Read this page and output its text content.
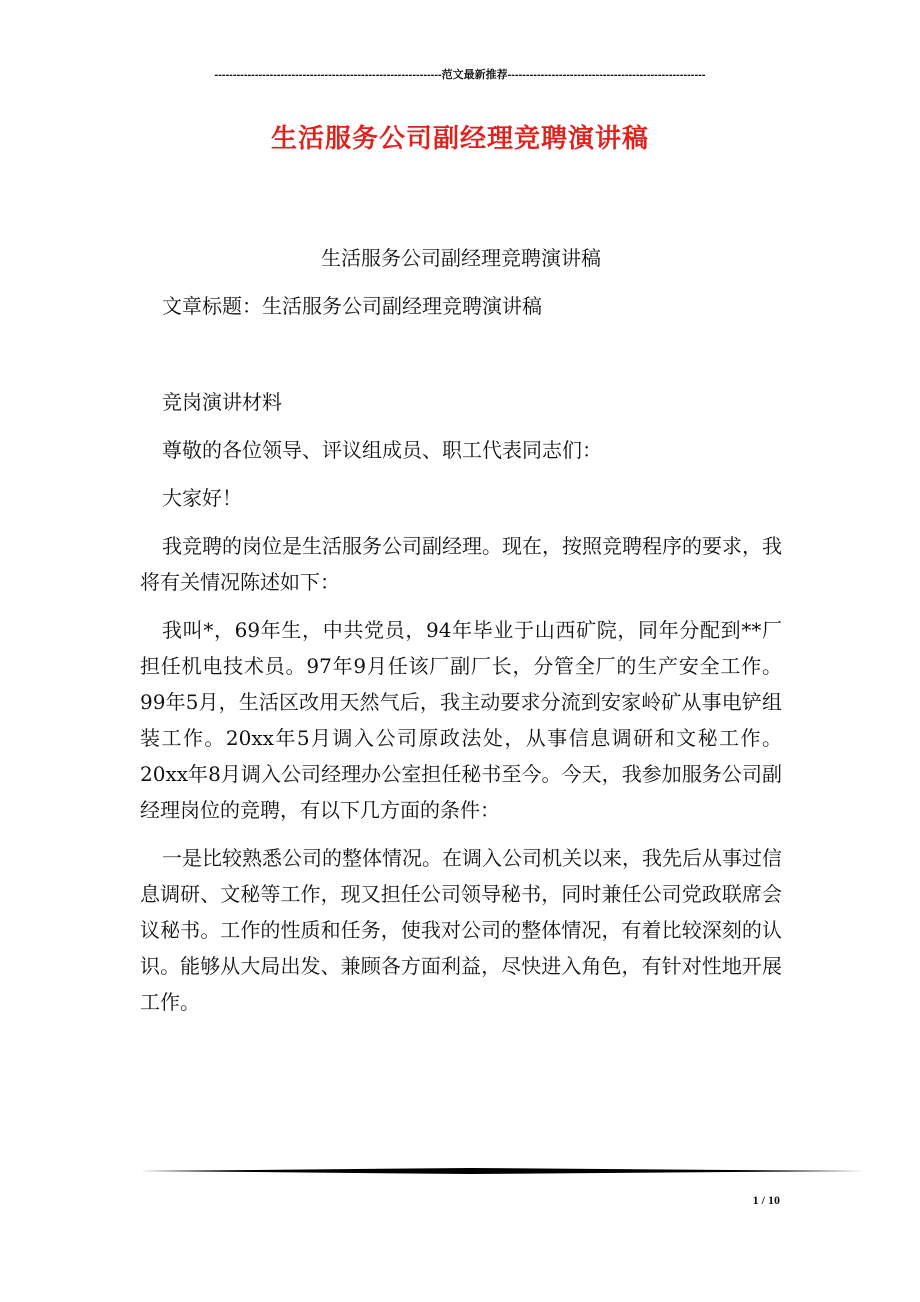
--------------------------------------------------------------范文最新推荐------------------------------------------------------
生活服务公司副经理竞聘演讲稿
生活服务公司副经理竞聘演讲稿
文章标题：生活服务公司副经理竞聘演讲稿
竞岗演讲材料
尊敬的各位领导、评议组成员、职工代表同志们：
大家好！
我竞聘的岗位是生活服务公司副经理。现在，按照竞聘程序的要求，我将有关情况陈述如下：
我叫*，69年生，中共党员，94年毕业于山西矿院，同年分配到**厂担任机电技术员。97年9月任该厂副厂长，分管全厂的生产安全工作。99年5月，生活区改用天然气后，我主动要求分流到安家岭矿从事电铲组装工作。20xx年5月调入公司原政法处，从事信息调研和文秘工作。20xx年8月调入公司经理办公室担任秘书至今。今天，我参加服务公司副经理岗位的竞聘，有以下几方面的条件：
一是比较熟悉公司的整体情况。在调入公司机关以来，我先后从事过信息调研、文秘等工作，现又担任公司领导秘书，同时兼任公司党政联席会议秘书。工作的性质和任务，使我对公司的整体情况，有着比较深刻的认识。能够从大局出发、兼顾各方面利益，尽快进入角色，有针对性地开展工作。
1 / 10
